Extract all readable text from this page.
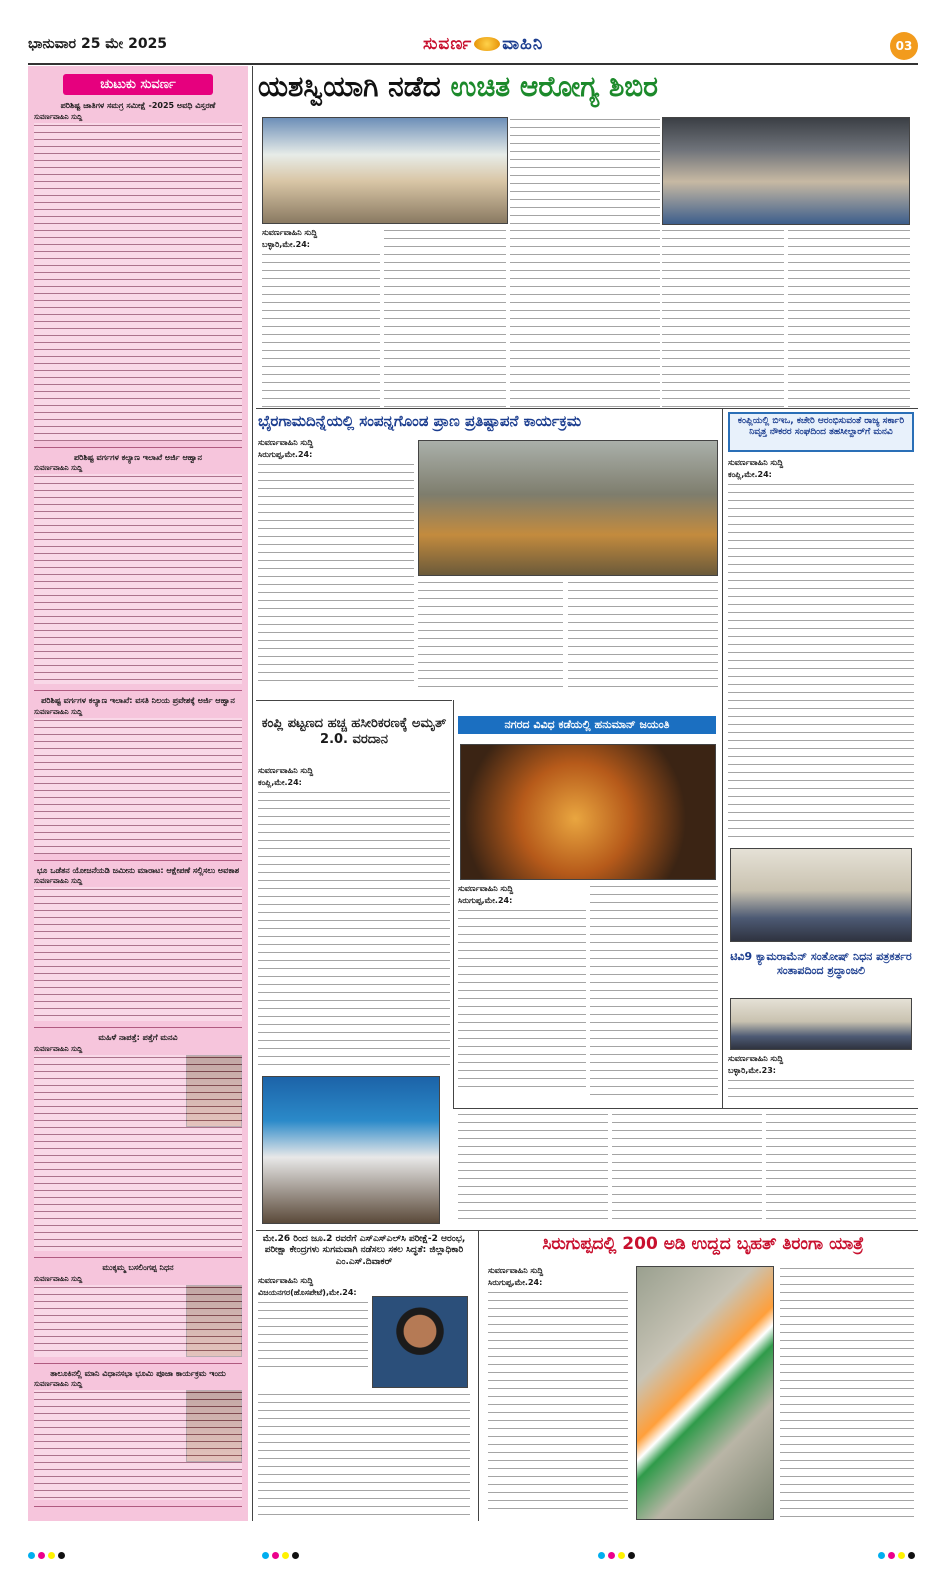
ಭಾನುವಾರ 25 ಮೇ 2025	ಸುವರ್ಣ ವಾಹಿನಿ	03
ಚುಟುಕು ಸುವರ್ಣ
ಪರಿಶಿಷ್ಟ ಜಾತಿಗಳ ಸಮಗ್ರ ಸಮೀಕ್ಷೆ -2025 ಅವಧಿ ವಿಸ್ತರಣೆ
ಸುವರ್ಣವಾಹಿನಿ ಸುದ್ದಿ
ಪರಿಶಿಷ್ಟ ವರ್ಗಗಳ ಕಲ್ಯಾಣ ಇಲಾಖೆ ಅರ್ಜಿ ಆಹ್ವಾನ
ಸುವರ್ಣವಾಹಿನಿ ಸುದ್ದಿ
ಪರಿಶಿಷ್ಟ ವರ್ಗಗಳ ಕಲ್ಯಾಣ ಇಲಾಖೆ: ವಸತಿ ನಿಲಯ ಪ್ರವೇಶಕ್ಕೆ ಅರ್ಜಿ ಆಹ್ವಾನ
ಸುವರ್ಣವಾಹಿನಿ ಸುದ್ದಿ
ಭೂ ಒಡೆತನ ಯೋಜನೆಯಡಿ ಜಮೀನು ಮಾರಾಟ: ಆಕ್ಷೇಪಣೆ ಸಲ್ಲಿಸಲು ಅವಕಾಶ
ಸುವರ್ಣವಾಹಿನಿ ಸುದ್ದಿ
ಮಹಿಳೆ ನಾಪತ್ತೆ: ಪತ್ತೆಗೆ ಮನವಿ
ಸುವರ್ಣವಾಹಿನಿ ಸುದ್ದಿ
ಮುಕ್ಕಮ್ಮ ಬಸಲಿಂಗಪ್ಪ ನಿಧನ
ಸುವರ್ಣವಾಹಿನಿ ಸುದ್ದಿ
ತಾಲೂಕಿನಲ್ಲಿ ಮಾನಿ ವಿಧಾನಸಭಾ ಭೂಮಿ ಪೂಜಾ ಕಾರ್ಯಕ್ರಮ ಇಂದು
ಸುವರ್ಣವಾಹಿನಿ ಸುದ್ದಿ
ಯಶಸ್ವಿಯಾಗಿ ನಡೆದ ಉಚಿತ ಆರೋಗ್ಯ ಶಿಬಿರ
ಸುವರ್ಣವಾಹಿನಿ ಸುದ್ದಿ
ಬಳ್ಳಾರಿ,ಮೇ.24:
ಭೈರಗಾಮದಿನ್ನೆಯಲ್ಲಿ ಸಂಪನ್ನಗೊಂಡ ಪ್ರಾಣ ಪ್ರತಿಷ್ಟಾಪನೆ ಕಾರ್ಯಕ್ರಮ
ಸುವರ್ಣವಾಹಿನಿ ಸುದ್ದಿ
ಸಿರುಗುಪ್ಪ,ಮೇ.24:
ಕಂಪ್ಲಿಯಲ್ಲಿ ಬಿಇಒ, ಕಚೇರಿ ಆರಂಭಿಸುವಂತೆ ರಾಜ್ಯ ಸರ್ಕಾರಿ ನಿವೃತ್ತ ನೌಕರರ ಸಂಘದಿಂದ ತಹಸೀಲ್ದಾರ್‌ಗೆ ಮನವಿ
ಸುವರ್ಣವಾಹಿನಿ ಸುದ್ದಿ
ಕಂಪ್ಲಿ,ಮೇ.24:
ಟಿವಿ9 ಕ್ಯಾಮರಾಮೆನ್ ಸಂತೋಷ್ ನಿಧನ ಪತ್ರಕರ್ತರ ಸಂತಾಪದಿಂದ ಶ್ರದ್ಧಾಂಜಲಿ
ಸುವರ್ಣವಾಹಿನಿ ಸುದ್ದಿ
ಬಳ್ಳಾರಿ,ಮೇ.23:
ಕಂಪ್ಲಿ ಪಟ್ಟಣದ ಹಚ್ಚ ಹಸೀರಿಕರಣಕ್ಕೆ ಅಮೃತ್ 2.0. ವರದಾನ
ಸುವರ್ಣವಾಹಿನಿ ಸುದ್ದಿ
ಕಂಪ್ಲಿ,ಮೇ.24:
ನಗರದ ವಿವಿಧ ಕಡೆಯಲ್ಲಿ ಹನುಮಾನ್ ಜಯಂತಿ
ಸುವರ್ಣವಾಹಿನಿ ಸುದ್ದಿ
ಸಿರುಗುಪ್ಪ,ಮೇ.24:
ಮೇ.26 ರಿಂದ ಜೂ.2 ರವರೆಗೆ ಎಸ್ಎಸ್ಎಲ್‌ಸಿ ಪರೀಕ್ಷೆ-2 ಆರಂಭ, ಪರೀಕ್ಷಾ ಕೇಂದ್ರಗಳು ಸುಗಮವಾಗಿ ನಡೆಸಲು ಸಕಲ ಸಿದ್ಧತೆ: ಜಿಲ್ಲಾಧಿಕಾರಿ ಎಂ.ಎಸ್.ದಿವಾಕರ್
ಸುವರ್ಣವಾಹಿನಿ ಸುದ್ದಿ
ವಿಜಯನಗರ(ಹೊಸಪೇಟೆ),ಮೇ.24:
ಸಿರುಗುಪ್ಪದಲ್ಲಿ 200 ಅಡಿ ಉದ್ದದ ಬೃಹತ್ ತಿರಂಗಾ ಯಾತ್ರೆ
ಸುವರ್ಣವಾಹಿನಿ ಸುದ್ದಿ
ಸಿರುಗುಪ್ಪ,ಮೇ.24:
